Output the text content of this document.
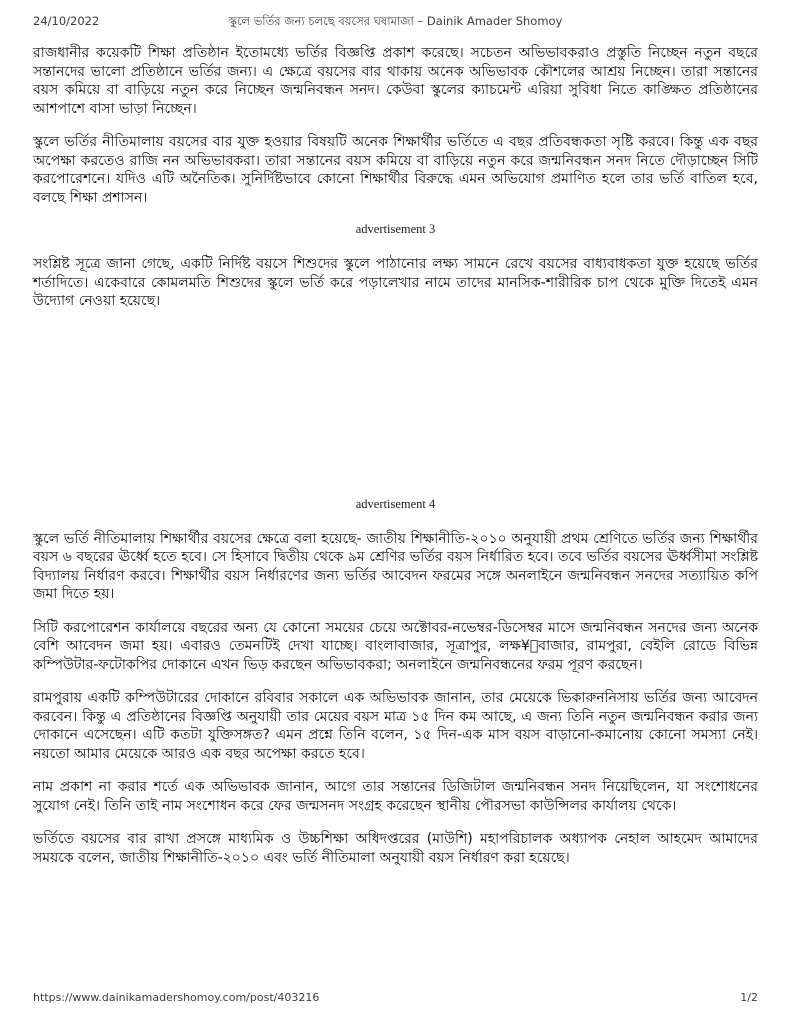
24/10/2022	স্কুলে ভর্তির জন্য চলছে বয়সের ঘষামাজা – Dainik Amader Shomoy

রাজধানীর কয়েকটি শিক্ষা প্রতিষ্ঠান ইতোমধ্যে ভর্তির বিজ্ঞপ্তি প্রকাশ করেছে। সচেতন অভিভাবকরাও প্রস্তুতি নিচ্ছেন নতুন বছরে সন্তানদের ভালো প্রতিষ্ঠানে ভর্তির জন্য। এ ক্ষেত্রে বয়সের বার থাকায় অনেক অভিভাবক কৌশলের আশ্রয় নিচ্ছেন। তারা সন্তানের বয়স কমিয়ে বা বাড়িয়ে নতুন করে নিচ্ছেন জন্মনিবন্ধন সনদ। কেউবা স্কুলের ক্যাচমেন্ট এরিয়া সুবিধা নিতে কাঙ্ক্ষিত প্রতিষ্ঠানের আশপাশে বাসা ভাড়া নিচ্ছেন।

স্কুলে ভর্তির নীতিমালায় বয়সের বার যুক্ত হওয়ার বিষয়টি অনেক শিক্ষার্থীর ভর্তিতে এ বছর প্রতিবন্ধকতা সৃষ্টি করবে। কিন্তু এক বছর অপেক্ষা করতেও রাজি নন অভিভাবকরা। তারা সন্তানের বয়স কমিয়ে বা বাড়িয়ে নতুন করে জন্মনিবন্ধন সনদ নিতে দৌড়াচ্ছেন সিটি করপোরেশনে। যদিও এটি অনৈতিক। সুনির্দিষ্টভাবে কোনো শিক্ষার্থীর বিরুদ্ধে এমন অভিযোগ প্রমাণিত হলে তার ভর্তি বাতিল হবে, বলছে শিক্ষা প্রশাসন।

advertisement 3

সংশ্লিষ্ট সূত্রে জানা গেছে, একটি নির্দিষ্ট বয়সে শিশুদের স্কুলে পাঠানোর লক্ষ্য সামনে রেখে বয়সের বাধ্যবাধকতা যুক্ত হয়েছে ভর্তির শর্তাদিতে। একেবারে কোমলমতি শিশুদের স্কুলে ভর্তি করে পড়ালেখার নামে তাদের মানসিক-শারীরিক চাপ থেকে মুক্তি দিতেই এমন উদ্যোগ নেওয়া হয়েছে।

advertisement 4

স্কুলে ভর্তি নীতিমালায় শিক্ষার্থীর বয়সের ক্ষেত্রে বলা হয়েছে- জাতীয় শিক্ষানীতি-২০১০ অনুযায়ী প্রথম শ্রেণিতে ভর্তির জন্য শিক্ষার্থীর বয়স ৬ বছরের ঊর্ধ্বে হতে হবে। সে হিসাবে দ্বিতীয় থেকে ৯ম শ্রেণির ভর্তির বয়স নির্ধারিত হবে। তবে ভর্তির বয়সের ঊর্ধ্বসীমা সংশ্লিষ্ট বিদ্যালয় নির্ধারণ করবে। শিক্ষার্থীর বয়স নির্ধারণের জন্য ভর্তির আবেদন ফরমের সঙ্গে অনলাইনে জন্মনিবন্ধন সনদের সত্যায়িত কপি জমা দিতে হয়।

সিটি করপোরেশন কার্যালয়ে বছরের অন্য যে কোনো সময়ের চেয়ে অক্টোবর-নভেম্বর-ডিসেম্বর মাসে জন্মনিবন্ধন সনদের জন্য অনেক বেশি আবেদন জমা হয়। এবারও তেমনটিই দেখা যাচ্ছে। বাংলাবাজার, সূত্রাপুর, লক্ষ¥ীবাজার, রামপুরা, বেইলি রোডে বিভিন্ন কম্পিউটার-ফটোকপির দোকানে এখন ভিড় করছেন অভিভাবকরা; অনলাইনে জন্মনিবন্ধনের ফরম পূরণ করছেন।

রামপুরায় একটি কম্পিউটারের দোকানে রবিবার সকালে এক অভিভাবক জানান, তার মেয়েকে ভিকারুননিসায় ভর্তির জন্য আবেদন করবেন। কিন্তু এ প্রতিষ্ঠানের বিজ্ঞপ্তি অনুযায়ী তার মেয়ের বয়স মাত্র ১৫ দিন কম আছে, এ জন্য তিনি নতুন জন্মনিবন্ধন করার জন্য দোকানে এসেছেন। এটি কতটা যুক্তিসঙ্গত? এমন প্রশ্নে তিনি বলেন, ১৫ দিন-এক মাস বয়স বাড়ানো-কমানোয় কোনো সমস্যা নেই। নয়তো আমার মেয়েকে আরও এক বছর অপেক্ষা করতে হবে।

নাম প্রকাশ না করার শর্তে এক অভিভাবক জানান, আগে তার সন্তানের ডিজিটাল জন্মনিবন্ধন সনদ নিয়েছিলেন, যা সংশোধনের সুযোগ নেই। তিনি তাই নাম সংশোধন করে ফের জন্মসনদ সংগ্রহ করেছেন স্থানীয় পৌরসভা কাউন্সিলর কার্যালয় থেকে।

ভর্তিতে বয়সের বার রাখা প্রসঙ্গে মাধ্যমিক ও উচ্চশিক্ষা অধিদপ্তরের (মাউশি) মহাপরিচালক অধ্যাপক নেহাল আহমেদ আমাদের সময়কে বলেন, জাতীয় শিক্ষানীতি-২০১০ এবং ভর্তি নীতিমালা অনুযায়ী বয়স নির্ধারণ করা হয়েছে।

https://www.dainikamadershomoy.com/post/403216	1/2
